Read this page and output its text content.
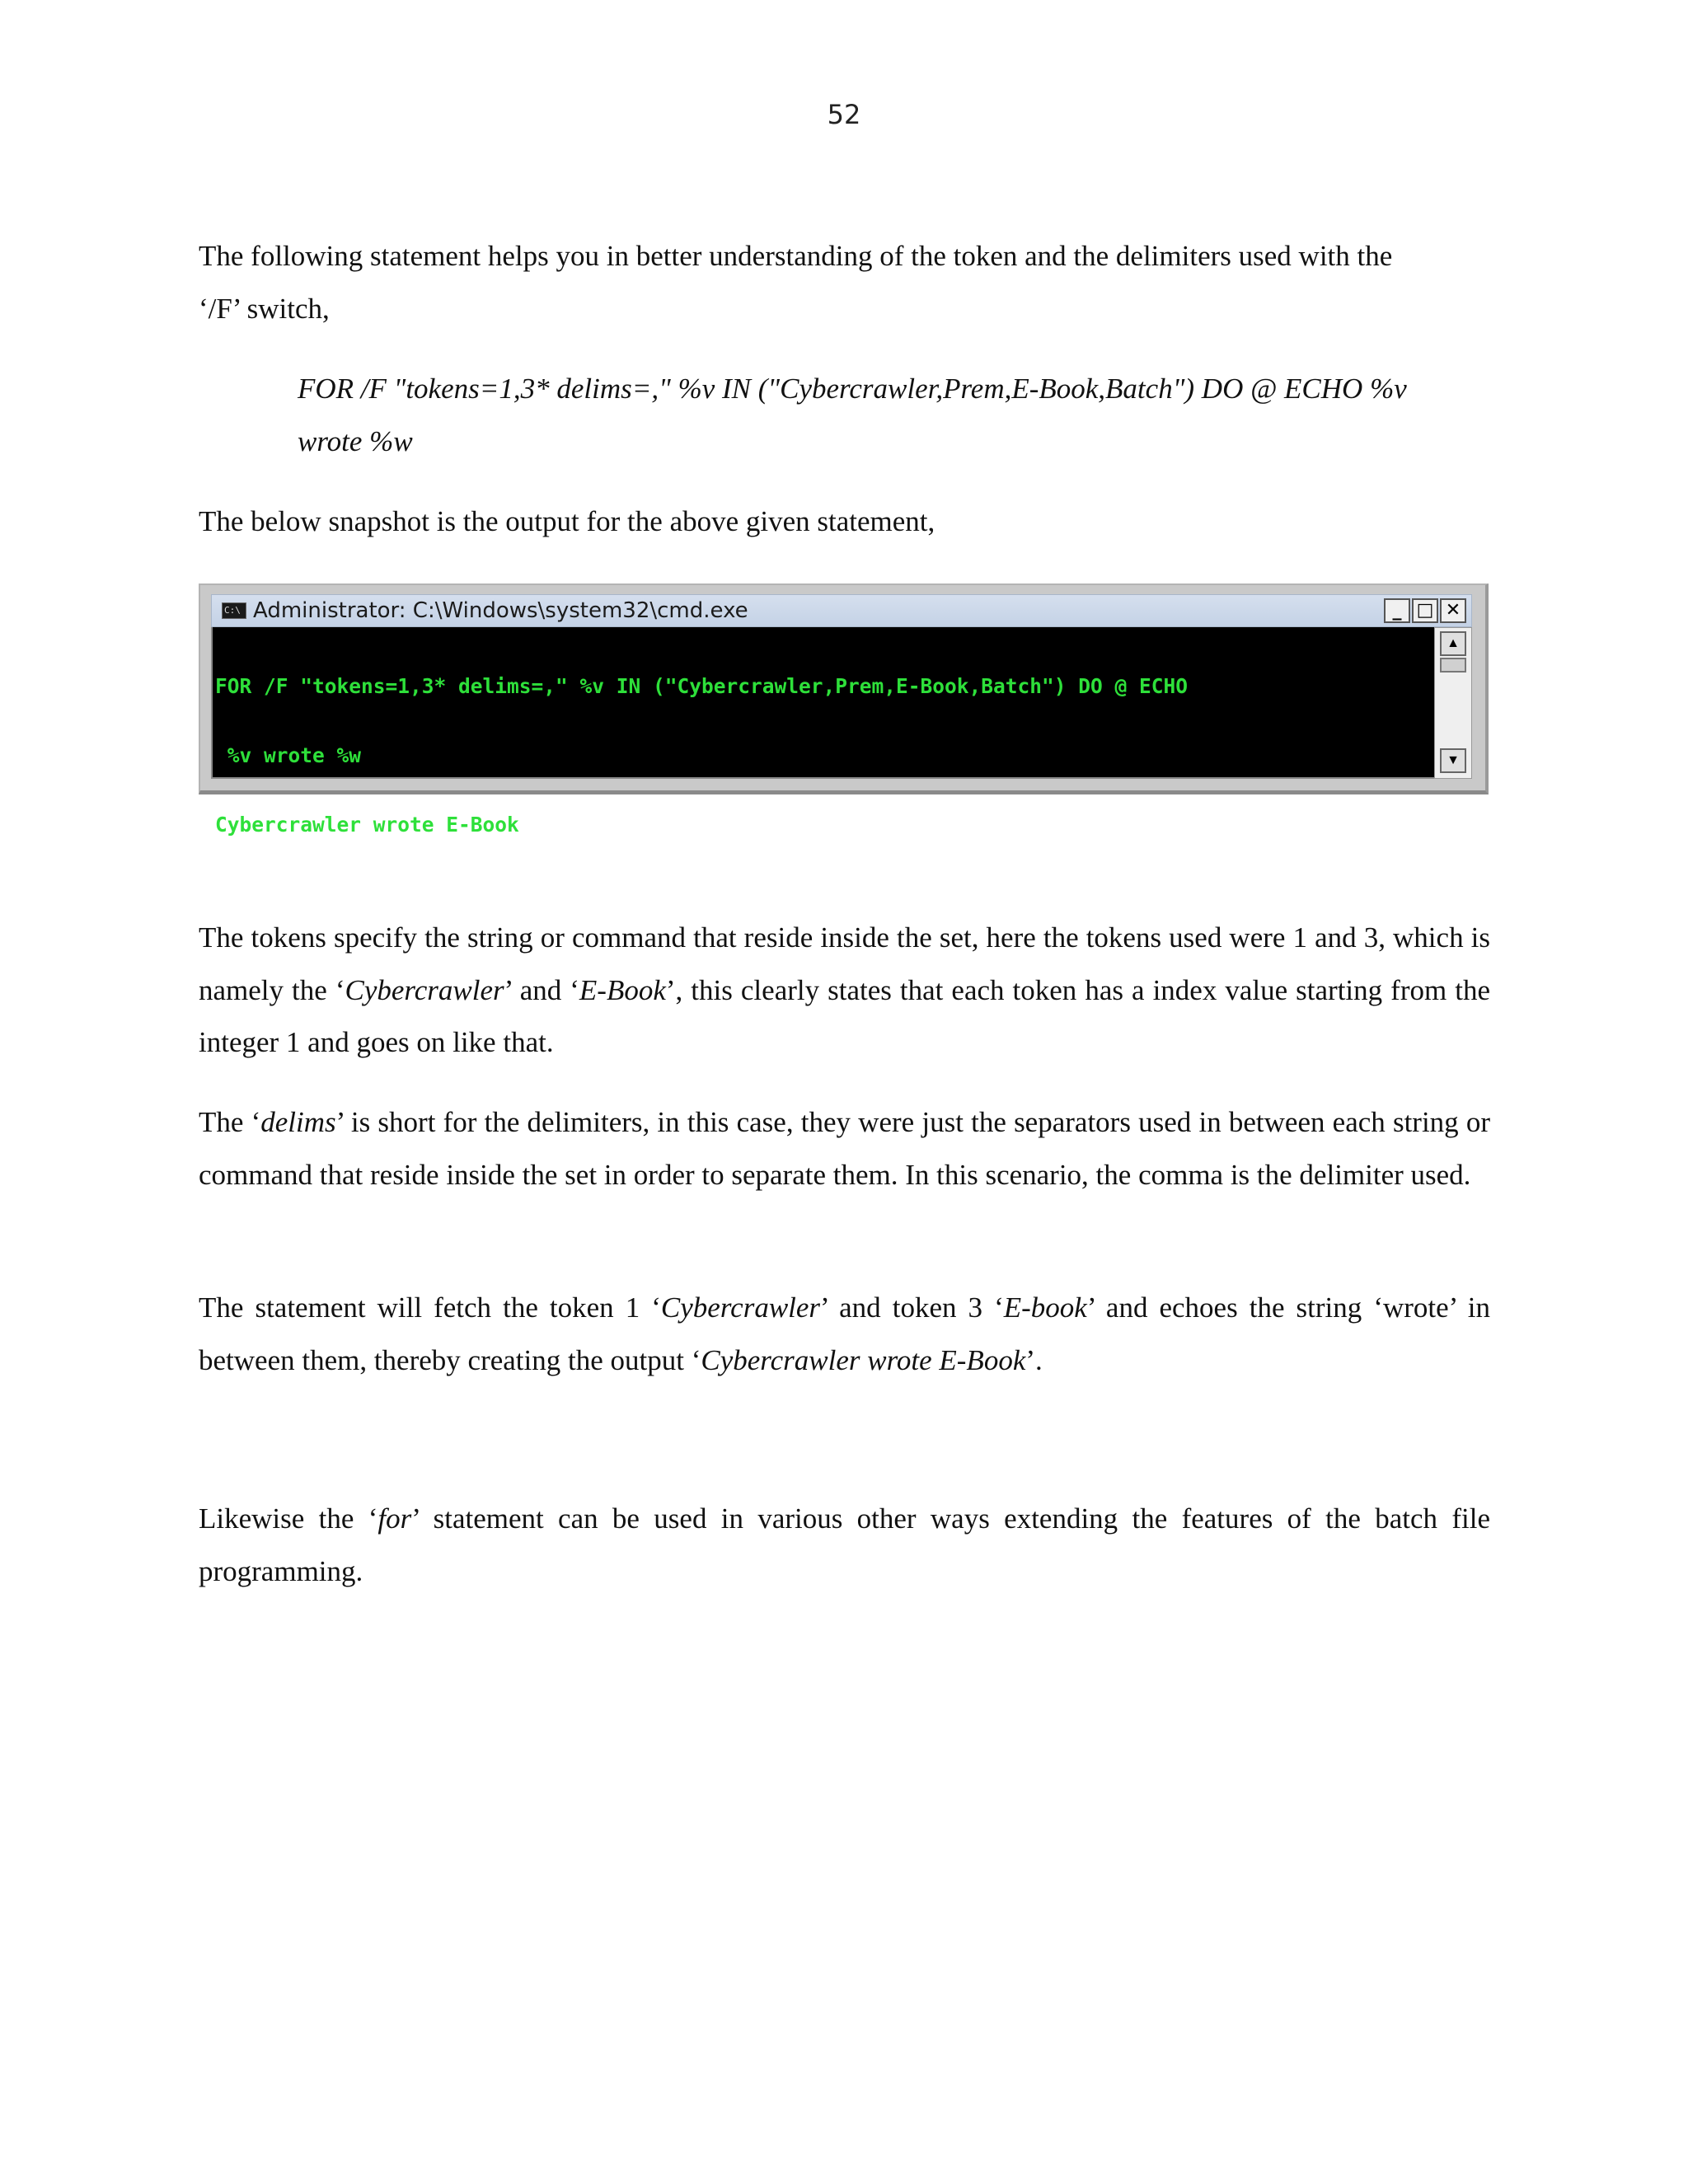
52

The following statement helps you in better understanding of the token and the delimiters used with the
‘/F’ switch,

FOR /F "tokens=1,3* delims=," %v IN ("Cybercrawler,Prem,E-Book,Batch") DO @ ECHO %v
wrote %w

The below snapshot is the output for the above given statement,

C:\ Administrator: C:\Windows\system32\cmd.exe	_ □ ✕

FOR /F "tokens=1,3* delims=," %v IN ("Cybercrawler,Prem,E-Book,Batch") DO @ ECHO

%v wrote %w

Cybercrawler wrote E-Book

▲
▼

The tokens specify the string or command that reside inside the set, here the tokens used were 1 and 3, which is namely the ‘Cybercrawler’ and ‘E-Book’, this clearly states that each token has a index value starting from the integer 1 and goes on like that.

The ‘delims’ is short for the delimiters, in this case, they were just the separators used in between each string or command that reside inside the set in order to separate them. In this scenario, the comma is the delimiter used.

The statement will fetch the token 1 ‘Cybercrawler’ and token 3 ‘E-book’ and echoes the string ‘wrote’ in between them, thereby creating the output ‘Cybercrawler wrote E-Book’.

Likewise the ‘for’ statement can be used in various other ways extending the features of the batch file programming.
